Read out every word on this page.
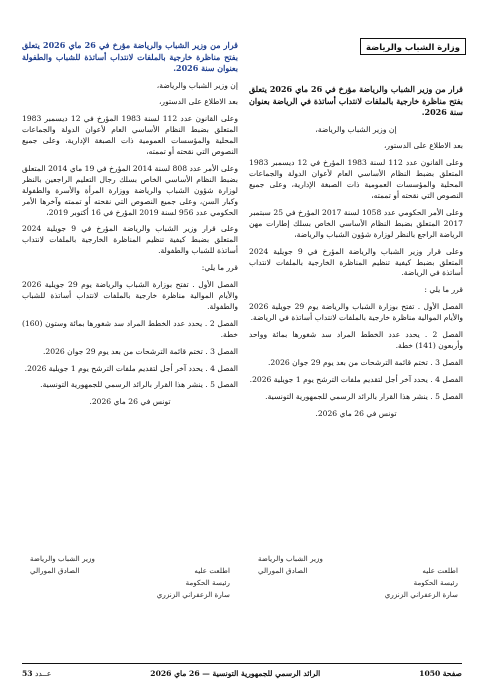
وزارة الشباب والرياضة

قرار من وزير الشباب والرياضة مؤرخ في 26 ماي 2026 يتعلق بفتح مناظرة خارجية بالملفات لانتداب أساتذة في الرياضة بعنوان سنة 2026.

إن وزير الشباب والرياضة،

بعد الاطلاع على الدستور،

وعلى القانون عدد 112 لسنة 1983 المؤرخ في 12 ديسمبر 1983 المتعلق بضبط النظام الأساسي العام لأعوان الدولة والجماعات المحلية والمؤسسات العمومية ذات الصبغة الإدارية، وعلى جميع النصوص التي نقحته أو تممته،

وعلى الأمر الحكومي عدد 1058 لسنة 2017 المؤرخ في 25 سبتمبر 2017 المتعلق بضبط النظام الأساسي الخاص بسلك إطارات مهن الرياضة الراجع بالنظر لوزارة شؤون الشباب والرياضة،

وعلى قرار وزير الشباب والرياضة المؤرخ في 9 جويلية 2024 المتعلق بضبط كيفية تنظيم المناظرة الخارجية بالملفات لانتداب أساتذة في الرياضة.

قرر ما يلي :

الفصل الأول . تفتح بوزارة الشباب والرياضة يوم 29 جويلية 2026 والأيام الموالية مناظرة خارجية بالملفات لانتداب أساتذة في الرياضة.

الفصل 2 . يحدد عدد الخطط المراد سد شغورها بمائة وواحد وأربعون (141) خطة.

الفصل 3 . تختم قائمة الترشحات من بعد يوم 29 جوان 2026.

الفصل 4 . يحدد آخر أجل لتقديم ملفات الترشح يوم 1 جويلية 2026.

الفصل 5 . ينشر هذا القرار بالرائد الرسمي للجمهورية التونسية.

تونس في 26 ماي 2026.

قرار من وزير الشباب والرياضة مؤرخ في 26 ماي 2026 يتعلق بفتح مناظرة خارجية بالملفات لانتداب أساتذة للشباب والطفولة بعنوان سنة 2026.

إن وزير الشباب والرياضة،

بعد الاطلاع على الدستور،

وعلى القانون عدد 112 لسنة 1983 المؤرخ في 12 ديسمبر 1983 المتعلق بضبط النظام الأساسي العام لأعوان الدولة والجماعات المحلية والمؤسسات العمومية ذات الصبغة الإدارية، وعلى جميع النصوص التي نقحته أو تممته،

وعلى الأمر عدد 808 لسنة 2014 المؤرخ في 19 ماي 2014 المتعلق بضبط النظام الأساسي الخاص بسلك رجال التعليم الراجعين بالنظر لوزارة شؤون الشباب والرياضة ووزارة المرأة والأسرة والطفولة وكبار السن، وعلى جميع النصوص التي نقحته أو تممته وآخرها الأمر الحكومي عدد 956 لسنة 2019 المؤرخ في 16 أكتوبر 2019،

وعلى قرار وزير الشباب والرياضة المؤرخ في 9 جويلية 2024 المتعلق بضبط كيفية تنظيم المناظرة الخارجية بالملفات لانتداب أساتذة للشباب والطفولة.

قرر ما يلي:

الفصل الأول . تفتح بوزارة الشباب والرياضة يوم 29 جويلية 2026 والأيام الموالية مناظرة خارجية بالملفات لانتداب أساتذة للشباب والطفولة.

الفصل 2 . يحدد عدد الخطط المراد سد شغورها بمائة وستون (160) خطة.

الفصل 3 . تختم قائمة الترشحات من بعد يوم 29 جوان 2026.

الفصل 4 . يحدد آخر أجل لتقديم ملفات الترشح يوم 1 جويلية 2026.

الفصل 5 . ينشر هذا القرار بالرائد الرسمي للجمهورية التونسية.

تونس في 26 ماي 2026.

وزير الشباب والرياضة
اطلعت عليه
الصادق المورالي
رئيسة الحكومة
سارة الزعفراني الزنزري
وزير الشباب والرياضة
اطلعت عليه
الصادق المورالي
رئيسة الحكومة
سارة الزعفراني الزنزري
عــدد 53	الرائد الرسمي للجمهورية التونسية — 26 ماي 2026	صفحة 1050
